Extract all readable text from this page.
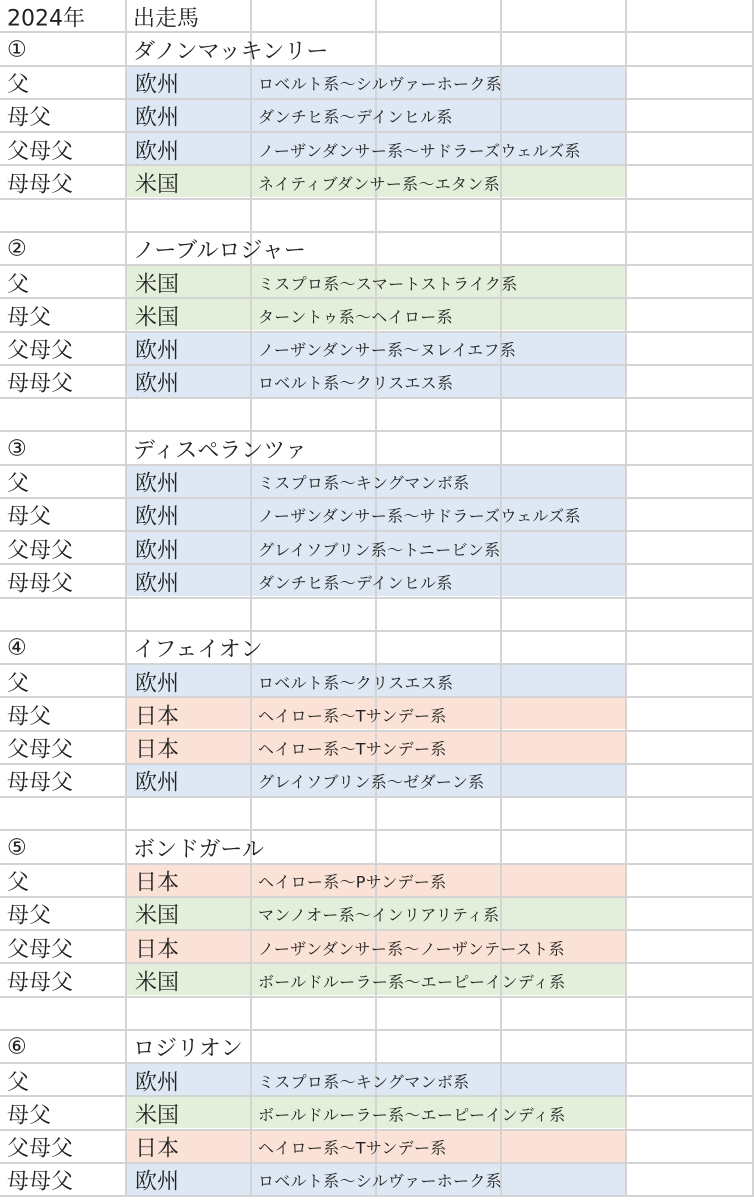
2024年 出走馬
①	ダノンマッキンリー
父	欧州	ロベルト系〜シルヴァーホーク系
母父	欧州	ダンチヒ系〜デインヒル系
父母父	欧州	ノーザンダンサー系〜サドラーズウェルズ系
母母父	米国	ネイティブダンサー系〜エタン系
②	ノーブルロジャー
父	米国	ミスプロ系〜スマートストライク系
母父	米国	ターントゥ系〜ヘイロー系
父母父	欧州	ノーザンダンサー系〜ヌレイエフ系
母母父	欧州	ロベルト系〜クリスエス系
③	ディスペランツァ
父	欧州	ミスプロ系〜キングマンボ系
母父	欧州	ノーザンダンサー系〜サドラーズウェルズ系
父母父	欧州	グレイソブリン系〜トニービン系
母母父	欧州	ダンチヒ系〜デインヒル系
④	イフェイオン
父	欧州	ロベルト系〜クリスエス系
母父	日本	ヘイロー系〜Tサンデー系
父母父	日本	ヘイロー系〜Tサンデー系
母母父	欧州	グレイソブリン系〜ゼダーン系
⑤	ボンドガール
父	日本	ヘイロー系〜Pサンデー系
母父	米国	マンノオー系〜インリアリティ系
父母父	日本	ノーザンダンサー系〜ノーザンテースト系
母母父	米国	ボールドルーラー系〜エーピーインディ系
⑥	ロジリオン
父	欧州	ミスプロ系〜キングマンボ系
母父	米国	ボールドルーラー系〜エーピーインディ系
父母父	日本	ヘイロー系〜Tサンデー系
母母父	欧州	ロベルト系〜シルヴァーホーク系
